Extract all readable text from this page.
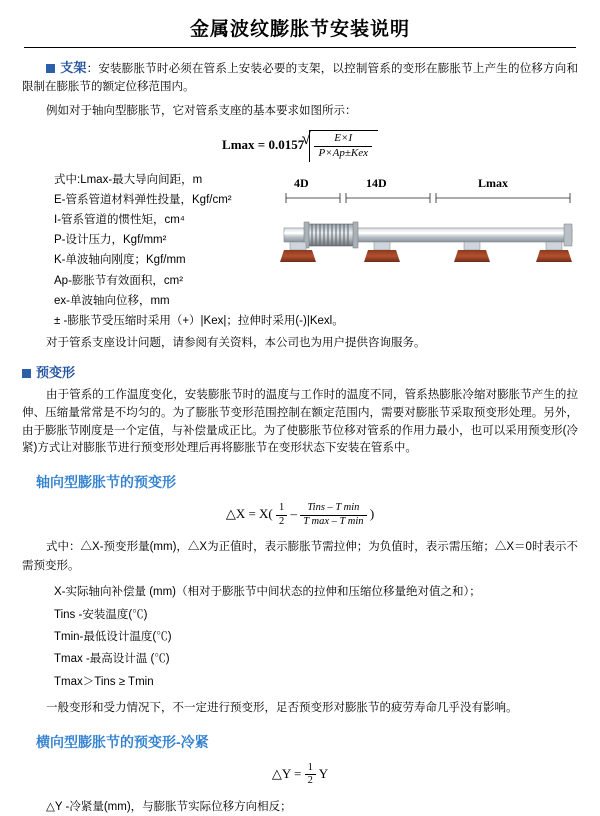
金属波纹膨胀节安装说明

支架：安装膨胀节时必须在管系上安装必要的支架，以控制管系的变形在膨胀节上产生的位移方向和限制在膨胀节的额定位移范围内。

例如对于轴向型膨胀节，它对管系支座的基本要求如图所示：

Lmax = 0.0157 √ $\frac{E\times I}{\text{P×Ap±Kex}}$
式中:Lmax-最大导向间距，m
E-管系管道材料弹性投量，Kgf/cm²
I-管系管道的惯性矩，cm⁴
P-设计压力，Kgf/mm²
K-单波轴向刚度；Kgf/mm
Ap-膨胀节有效面积，cm²
ex-单波轴向位移，mm
± -膨胀节受压缩时采用（+）|Kex|；拉伸时采用(-)|Kexl。
4D	14D	Lmax

对于管系支座设计问题，请参阅有关资料，本公司也为用户提供咨询服务。

预变形

由于管系的工作温度变化，安装膨胀节时的温度与工作时的温度不同，管系热膨胀冷缩对膨胀节产生的拉伸、压缩量常常是不均匀的。为了膨胀节变形范围控制在额定范围内，需要对膨胀节采取预变形处理。另外，由于膨胀节刚度是一个定值，与补偿量成正比。为了使膨胀节位移对管系的作用力最小，也可以采用预变形(冷紧)方式让对膨胀节进行预变形处理后再将膨胀节在变形状态下安装在管系中。

轴向型膨胀节的预变形
△X = $X( \frac{1}{2} - \frac{\text{Tins – T min}}{\text{T max – T min}}$ )

式中：△X-预变形量(mm)，△X为正值时，表示膨胀节需拉伸；为负值时，表示需压缩；△X＝0时表示不需预变形。

X-实际轴向补偿量 (mm)（相对于膨胀节中间状态的拉伸和压缩位移量绝对值之和）；
Tins -安装温度(℃)
Tmin-最低设计温度(℃)
Tmax -最高设计温 (℃)
Tmax＞Tins ≥ Tmin

一般变形和受力情况下，不一定进行预变形，足否预变形对膨胀节的疲劳寿命几乎没有影响。

横向型膨胀节的预变形-冷紧
△Y = $\frac{1}{2}$ Y

△Y -冷紧量(mm)，与膨胀节实际位移方向相反；
